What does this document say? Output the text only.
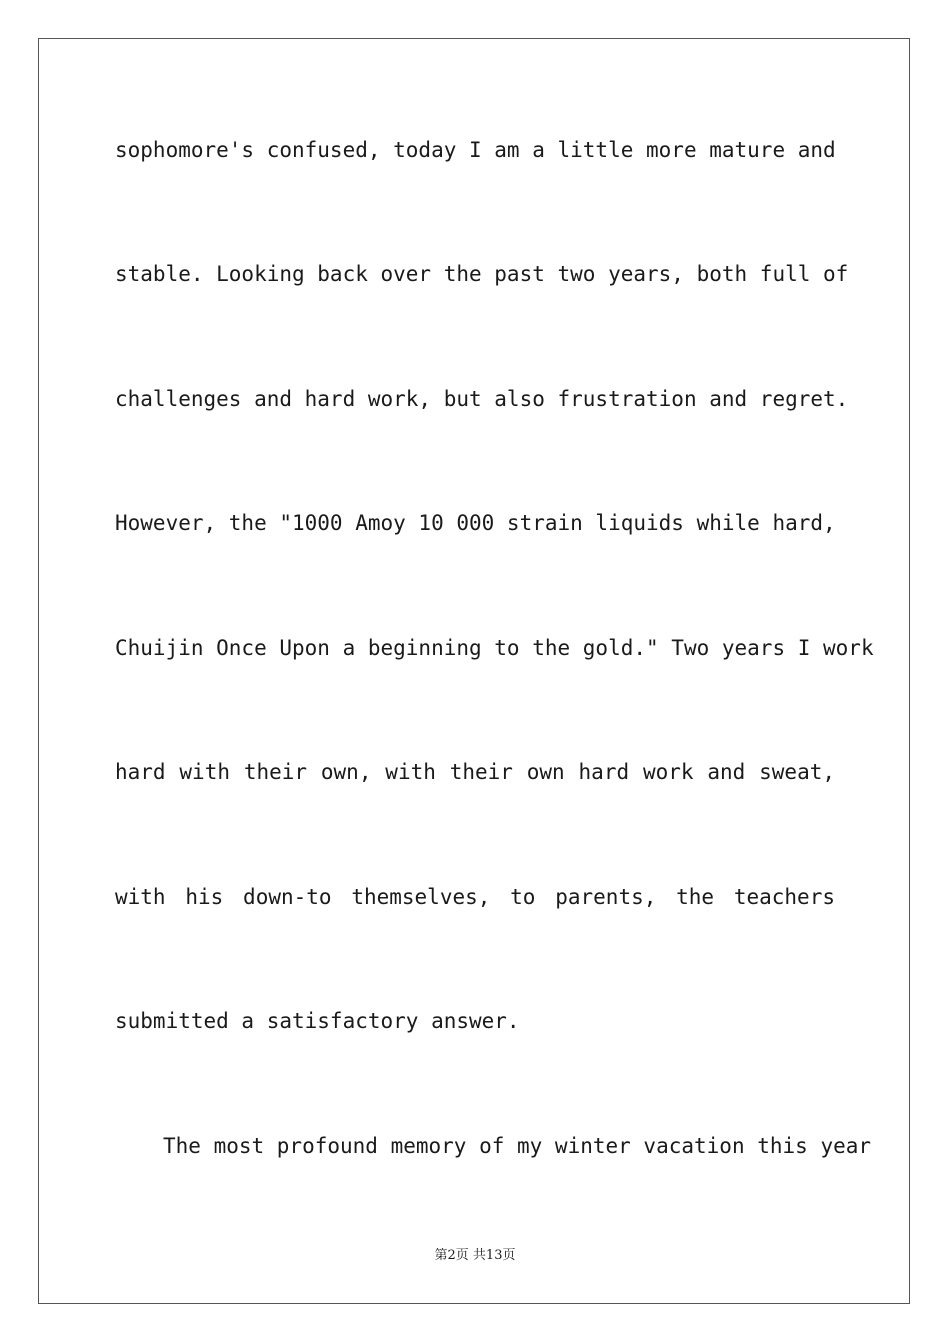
sophomore's confused, today I am a little more mature and
stable. Looking back over the past two years, both full of
challenges and hard work, but also frustration and regret.
However, the "1000 Amoy 10 000 strain liquids while hard,
Chuijin Once Upon a beginning to the gold." Two years I work
hard with their own, with their own hard work and sweat,
with his down-to themselves, to parents, the teachers
submitted a satisfactory answer.
The most profound memory of my winter vacation this year
第2页 共13页
